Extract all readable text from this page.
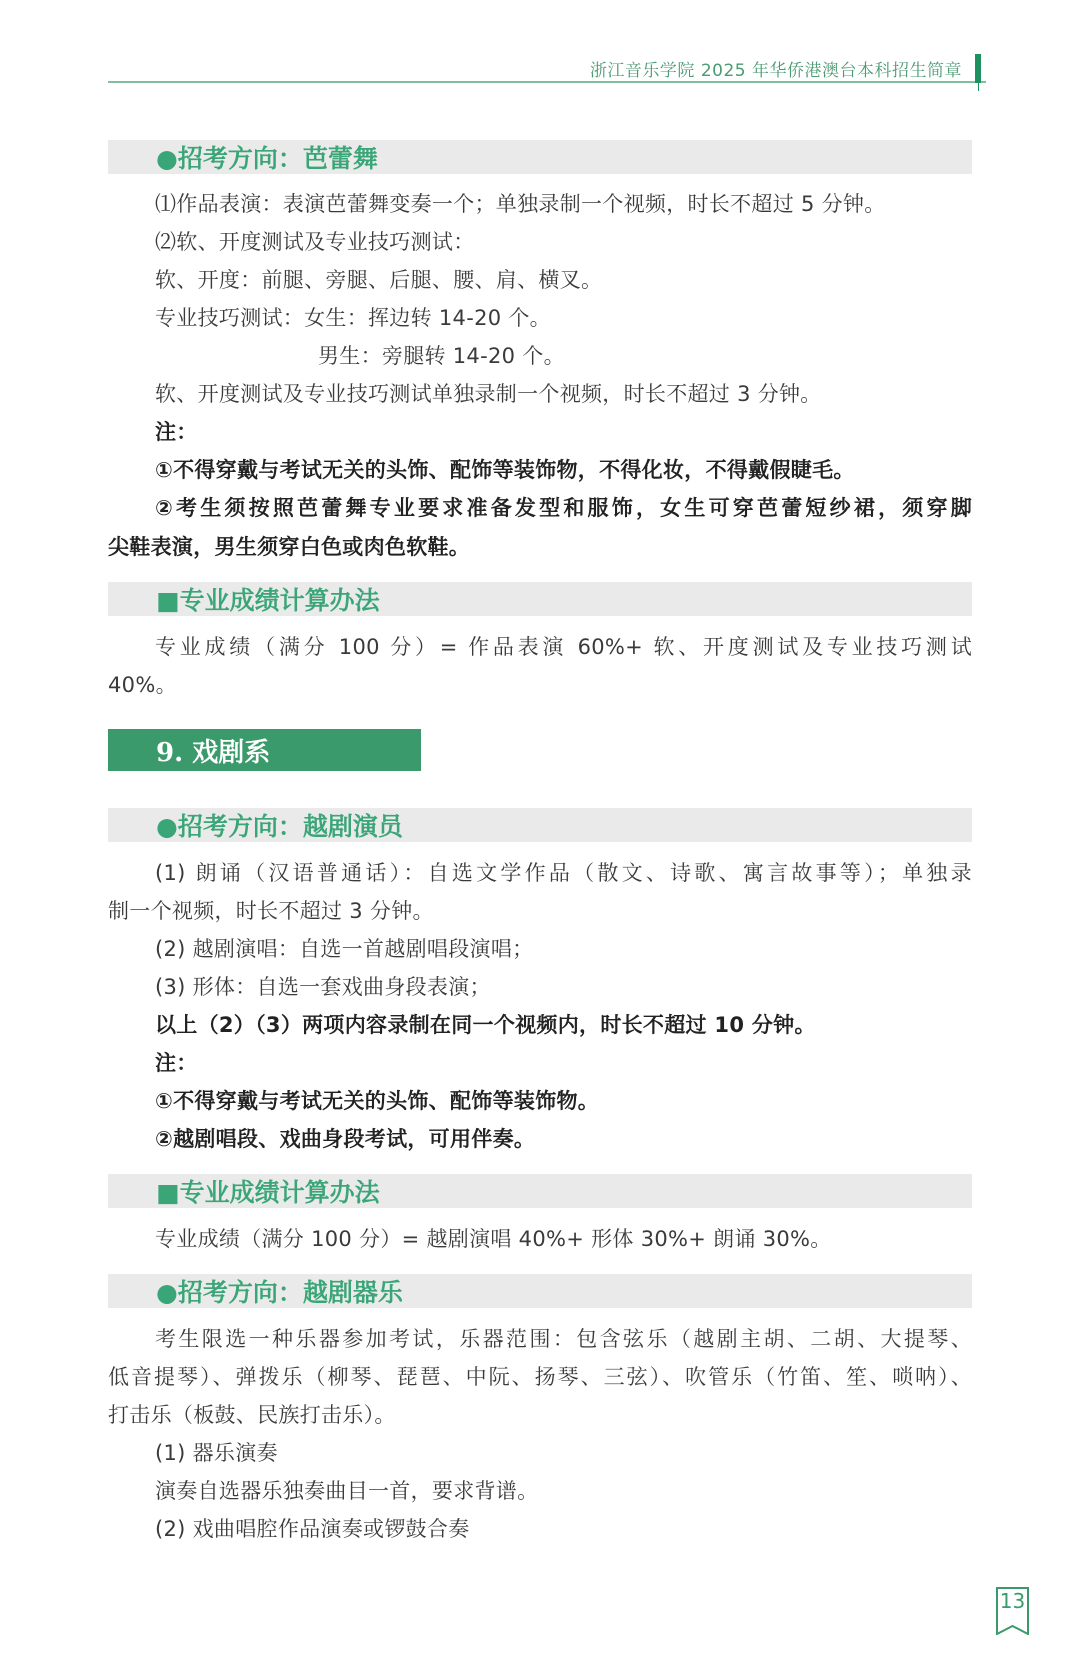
浙江音乐学院 2025 年华侨港澳台本科招生简章
●招考方向：芭蕾舞
⑴作品表演：表演芭蕾舞变奏一个；单独录制一个视频，时长不超过 5 分钟。
⑵软、开度测试及专业技巧测试：
软、开度：前腿、旁腿、后腿、腰、肩、横叉。
专业技巧测试：女生：挥边转 14-20 个。
男生：旁腿转 14-20 个。
软、开度测试及专业技巧测试单独录制一个视频，时长不超过 3 分钟。
注：
①不得穿戴与考试无关的头饰、配饰等装饰物，不得化妆，不得戴假睫毛。
②考生须按照芭蕾舞专业要求准备发型和服饰，女生可穿芭蕾短纱裙，须穿脚
尖鞋表演，男生须穿白色或肉色软鞋。
■专业成绩计算办法
专业成绩（满分 100 分）= 作品表演 60%+ 软、开度测试及专业技巧测试
40%。
9. 戏剧系
●招考方向：越剧演员
(1) 朗诵（汉语普通话）：自选文学作品（散文、诗歌、寓言故事等）；单独录
制一个视频，时长不超过 3 分钟。
(2) 越剧演唱：自选一首越剧唱段演唱；
(3) 形体：自选一套戏曲身段表演；
以上（2）（3）两项内容录制在同一个视频内，时长不超过 10 分钟。
注：
①不得穿戴与考试无关的头饰、配饰等装饰物。
②越剧唱段、戏曲身段考试，可用伴奏。
■专业成绩计算办法
专业成绩（满分 100 分）= 越剧演唱 40%+ 形体 30%+ 朗诵 30%。
●招考方向：越剧器乐
考生限选一种乐器参加考试，乐器范围：包含弦乐（越剧主胡、二胡、大提琴、
低音提琴）、弹拨乐（柳琴、琵琶、中阮、扬琴、三弦）、吹管乐（竹笛、笙、唢呐）、
打击乐（板鼓、民族打击乐）。
(1) 器乐演奏
演奏自选器乐独奏曲目一首，要求背谱。
(2) 戏曲唱腔作品演奏或锣鼓合奏
13
